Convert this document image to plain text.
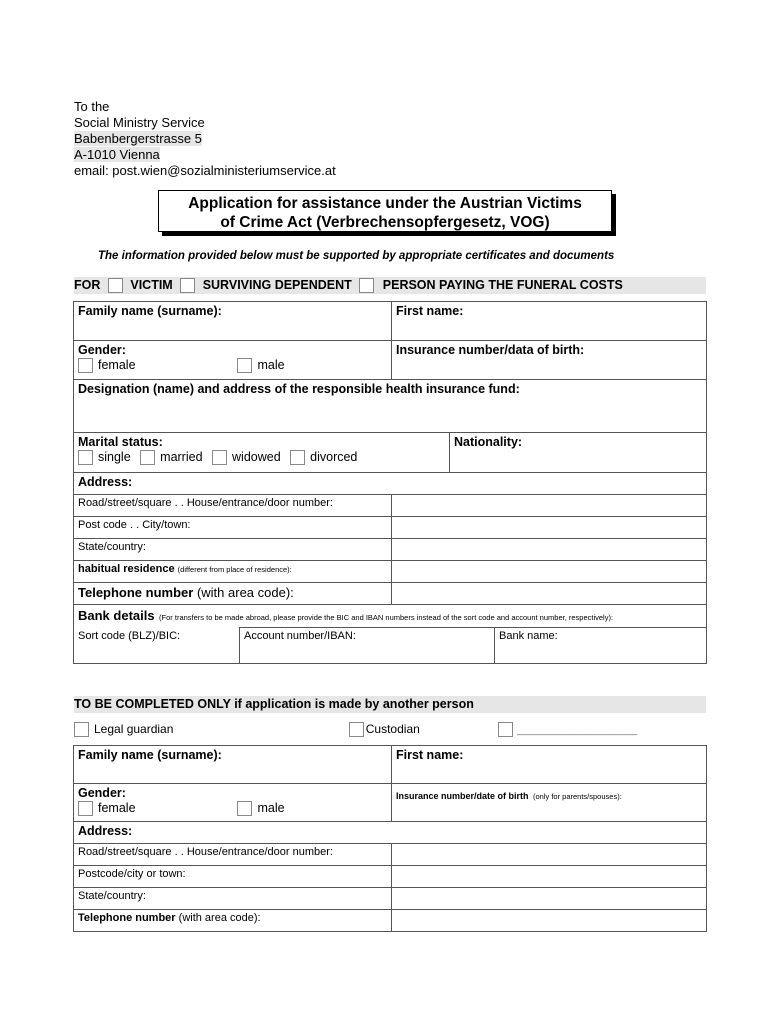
To the
Social Ministry Service
Babenbergerstrasse 5
A-1010 Vienna
email: post.wien@sozialministeriumservice.at
Application for assistance under the Austrian Victims
of Crime Act (Verbrechensopfergesetz, VOG)
The information provided below must be supported by appropriate certificates and documents
FOR VICTIM SURVIVING DEPENDENT PERSON PAYING THE FUNERAL COSTS
Family name (surname):	First name:	

Gender:
female male	Insurance number/data of birth:	
Designation (name) and address of the responsible health insurance fund:		

Marital status:
single married widowed divorced		Nationality:
Address:	
Road/street/square . . House/entrance/door number:	
Post code . . City/town:	
State/country:	
habitual residence (different from place of residence):	
Telephone number (with area code):	
Bank details (For transfers to be made abroad, please provide the BIC and IBAN numbers instead of the sort code and account number, respectively):
Sort code (BLZ)/BIC:	Account number/IBAN:	Bank name:
TO BE COMPLETED ONLY if application is made by another person
Legal guardian	Custodian	________________________
Family name (surname):	First name:

Gender:
female male	Insurance number/date of birth (only for parents/spouses):
Address:	
Road/street/square . . House/entrance/door number:	
Postcode/city or town:	
State/country:	
Telephone number (with area code):	
